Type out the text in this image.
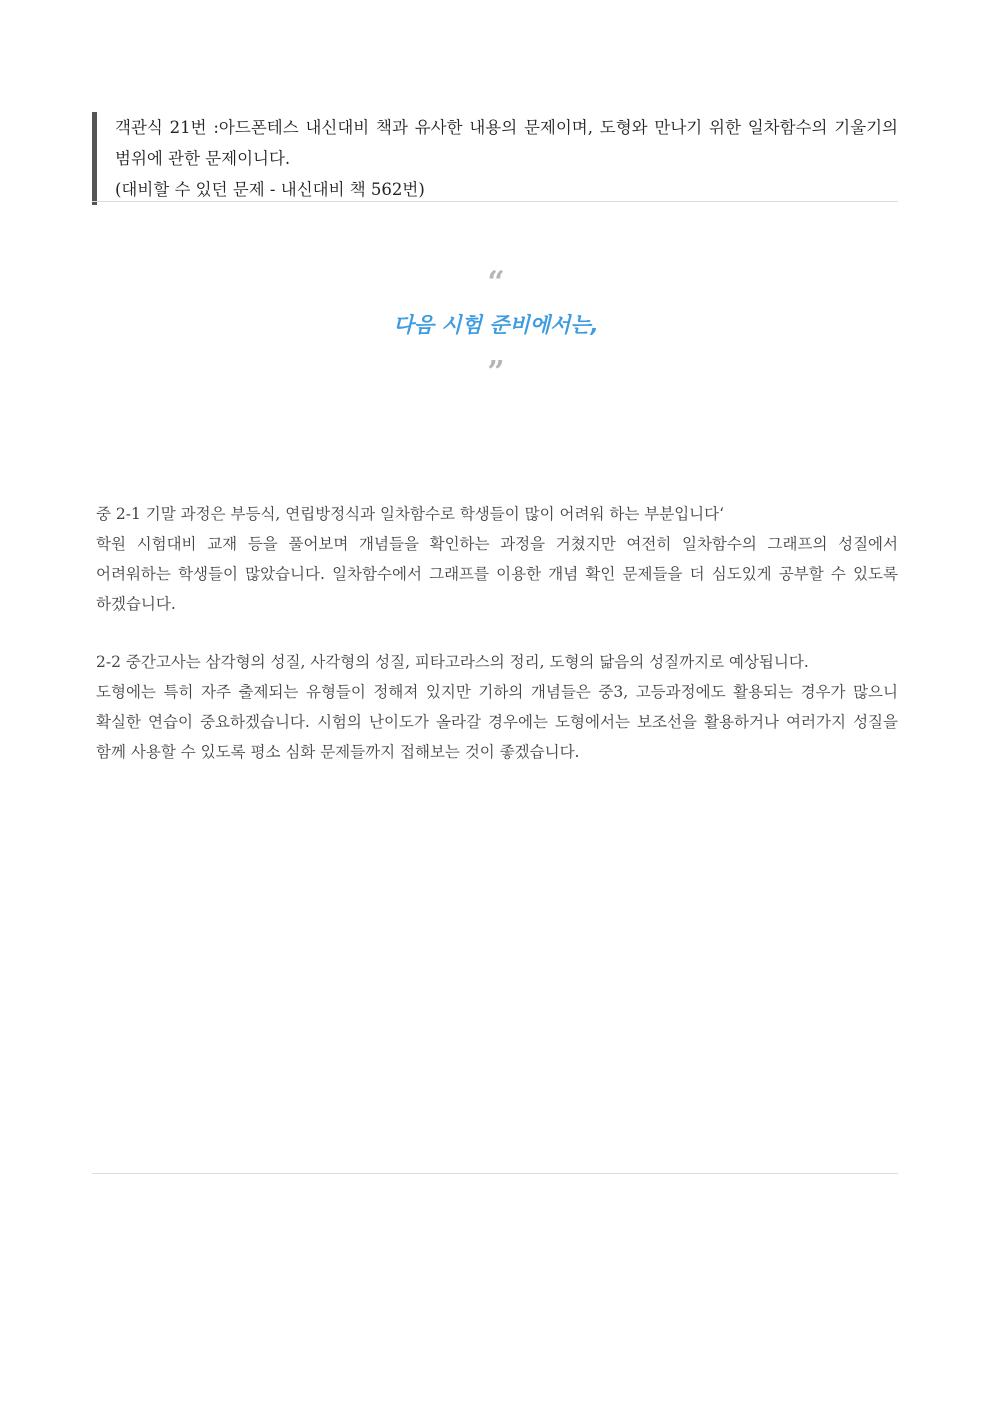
객관식 21번 :아드폰테스 내신대비 책과 유사한 내용의 문제이며, 도형와 만나기 위한 일차함수의 기울기의 범위에 관한 문제이니다.

(대비할 수 있던 문제 - 내신대비 책 562번)

“
다음 시험 준비에서는,
”

중 2-1 기말 과정은 부등식, 연립방정식과 일차함수로 학생들이 많이 어려워 하는 부분입니다‘

학원 시험대비 교재 등을 풀어보며 개념들을 확인하는 과정을 거쳤지만 여전히 일차함수의 그래프의 성질에서 어려워하는 학생들이 많았습니다. 일차함수에서 그래프를 이용한 개념 확인 문제들을 더 심도있게 공부할 수 있도록 하겠습니다.

2-2 중간고사는 삼각형의 성질, 사각형의 성질, 피타고라스의 정리, 도형의 닮음의 성질까지로 예상됩니다.

도형에는 특히 자주 출제되는 유형들이 정해져 있지만 기하의 개념들은 중3, 고등과정에도 활용되는 경우가 많으니 확실한 연습이 중요하겠습니다. 시험의 난이도가 올라갈 경우에는 도형에서는 보조선을 활용하거나 여러가지 성질을 함께 사용할 수 있도록 평소 심화 문제들까지 접해보는 것이 좋겠습니다.
